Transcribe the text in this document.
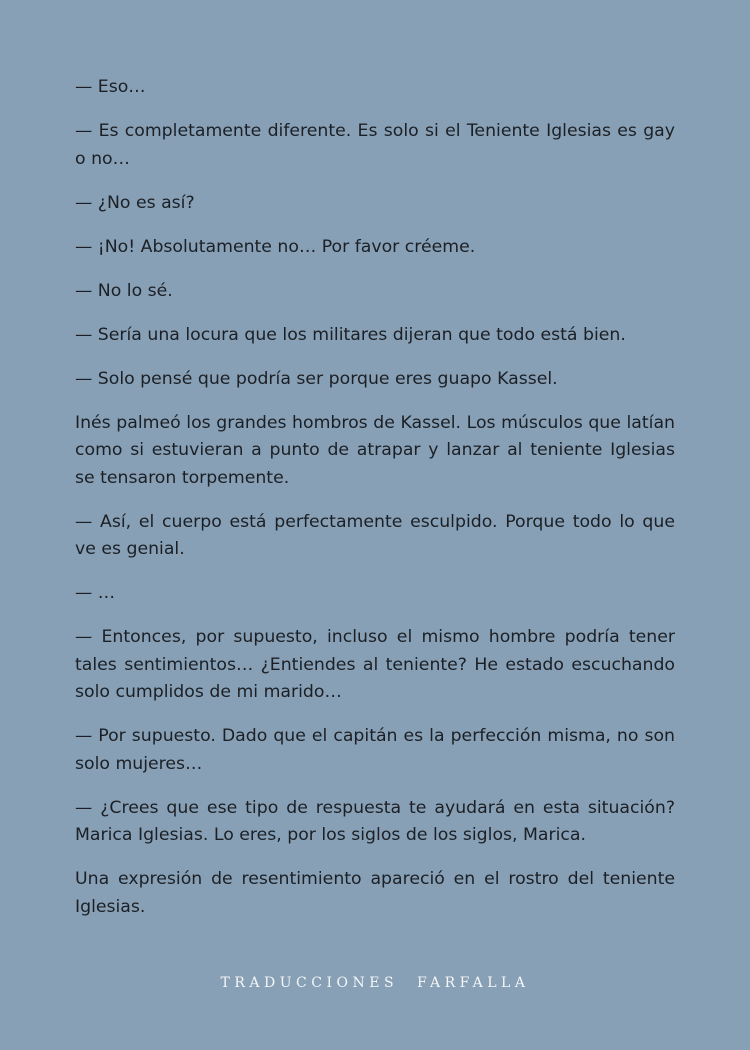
— Eso…

— Es completamente diferente. Es solo si el Teniente Iglesias es gay o no…

— ¿No es así?

— ¡No! Absolutamente no… Por favor créeme.

— No lo sé.

— Sería una locura que los militares dijeran que todo está bien.

— Solo pensé que podría ser porque eres guapo Kassel.

Inés palmeó los grandes hombros de Kassel. Los músculos que latían como si estuvieran a punto de atrapar y lanzar al teniente Iglesias se tensaron torpemente.

— Así, el cuerpo está perfectamente esculpido. Porque todo lo que ve es genial.

— …

— Entonces, por supuesto, incluso el mismo hombre podría tener tales sentimientos… ¿Entiendes al teniente? He estado escuchando solo cumplidos de mi marido…

— Por supuesto. Dado que el capitán es la perfección misma, no son solo mujeres…

— ¿Crees que ese tipo de respuesta te ayudará en esta situación? Marica Iglesias. Lo eres, por los siglos de los siglos, Marica.

Una expresión de resentimiento apareció en el rostro del teniente Iglesias.

TRADUCCIONES FARFALLA
